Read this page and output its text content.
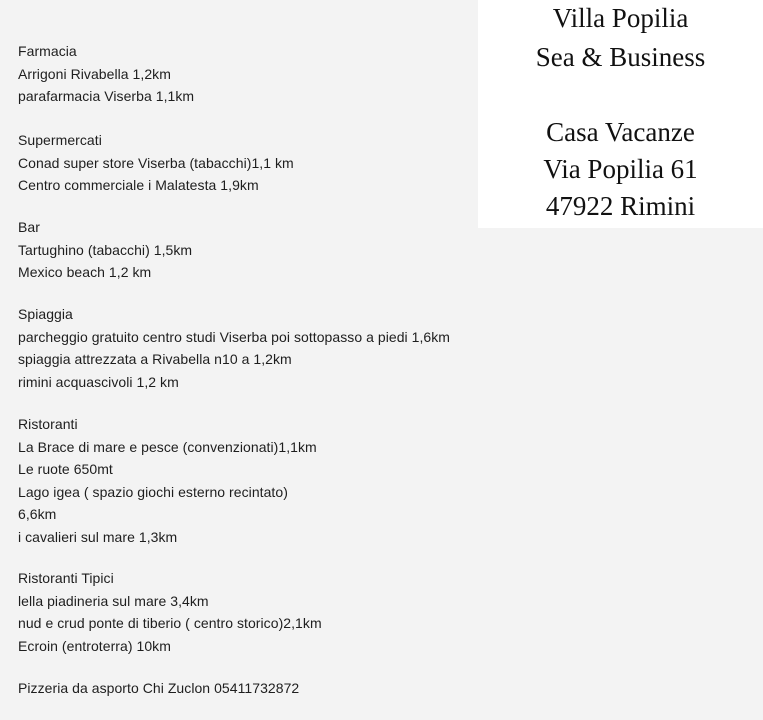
Villa Popilia
Sea & Business
Casa Vacanze
Via Popilia 61
47922 Rimini
Farmacia
Arrigoni Rivabella 1,2km
parafarmacia Viserba 1,1km
Supermercati
Conad super store Viserba (tabacchi)1,1 km
Centro commerciale i Malatesta 1,9km
Bar
Tartughino (tabacchi) 1,5km
Mexico beach 1,2 km
Spiaggia
parcheggio gratuito centro studi Viserba poi sottopasso a piedi 1,6km
spiaggia attrezzata a Rivabella n10 a 1,2km
rimini acquascivoli 1,2 km
Ristoranti
La Brace di mare e pesce (convenzionati)1,1km
Le ruote 650mt
Lago igea ( spazio giochi esterno recintato)
6,6km
i cavalieri sul mare 1,3km
Ristoranti Tipici
lella piadineria sul mare 3,4km
nud e crud ponte di tiberio ( centro storico)2,1km
Ecroin (entroterra) 10km
Pizzeria da asporto Chi Zuclon 05411732872
